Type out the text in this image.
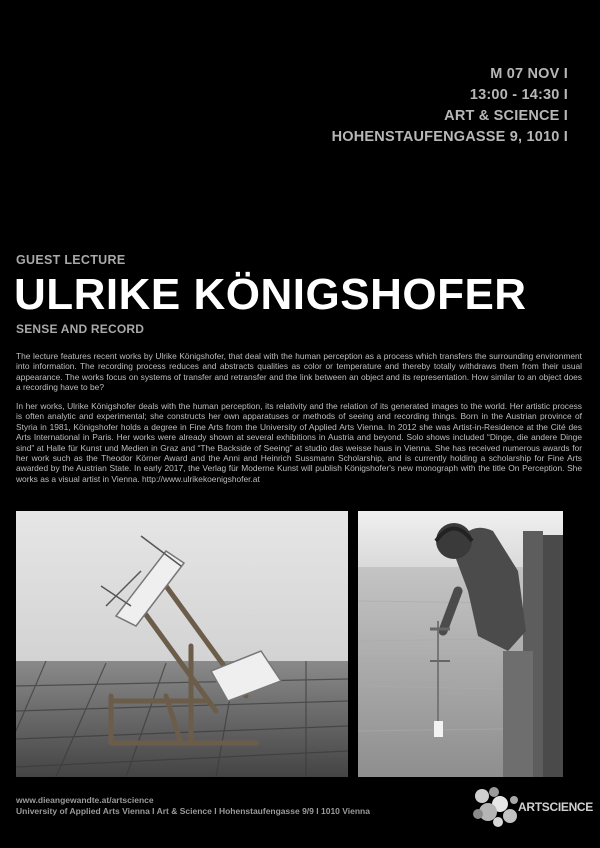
M 07 NOV I
13:00 - 14:30 I
ART & SCIENCE I
HOHENSTAUFENGASSE 9, 1010 I
GUEST LECTURE
ULRIKE KÖNIGSHOFER
SENSE AND RECORD

The lecture features recent works by Ulrike Königshofer, that deal with the human perception as a process which transfers the surrounding environment into information. The recording process reduces and abstracts qualities as color or temperature and thereby totally withdraws them from their usual appearance. The works focus on systems of transfer and retransfer and the link between an object and its representation. How similar to an object does a recording have to be?

In her works, Ulrike Königshofer deals with the human perception, its relativity and the relation of its generated images to the world. Her artistic process is often analytic and experimental; she constructs her own apparatuses or methods of seeing and recording things. Born in the Austrian province of Styria in 1981, Königshofer holds a degree in Fine Arts from the University of Applied Arts Vienna. In 2012 she was Artist-in-Residence at the Cité des Arts International in Paris. Her works were already shown at several exhibitions in Austria and beyond. Solo shows included “Dinge, die andere Dinge sind” at Halle für Kunst und Medien in Graz and “The Backside of Seeing” at studio das weisse haus in Vienna. She has received numerous awards for her work such as the Theodor Körner Award and the Anni and Heinrich Sussmann Scholarship, and is currently holding a scholarship for Fine Arts awarded by the Austrian State. In early 2017, the Verlag für Moderne Kunst will publish Königshofer's new monograph with the title On Perception. She works as a visual artist in Vienna. http://www.ulrikekoenigshofer.at

www.dieangewandte.at/artscience
University of Applied Arts Vienna I Art & Science I Hohenstaufengasse 9/9 I 1010 Vienna	ARTSCIENCE
